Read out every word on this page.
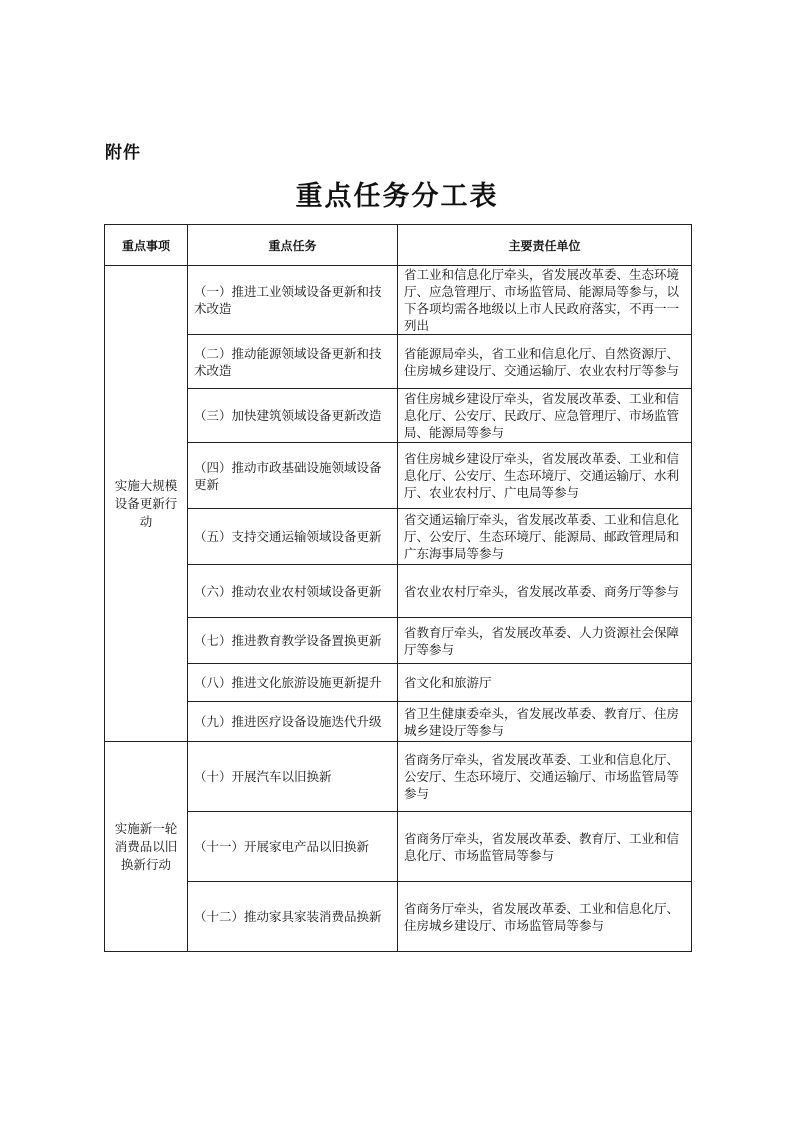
附件
重点任务分工表
重点事项	重点任务	主要责任单位
实施大规模设备更新行动	（一）推进工业领域设备更新和技术改造	省工业和信息化厅牵头，省发展改革委、生态环境厅、应急管理厅、市场监管局、能源局等参与，以下各项均需各地级以上市人民政府落实，不再一一列出
	（二）推动能源领域设备更新和技术改造	省能源局牵头，省工业和信息化厅、自然资源厅、住房城乡建设厅、交通运输厅、农业农村厅等参与
	（三）加快建筑领域设备更新改造	省住房城乡建设厅牵头，省发展改革委、工业和信息化厅、公安厅、民政厅、应急管理厅、市场监管局、能源局等参与
	（四）推动市政基础设施领域设备更新	省住房城乡建设厅牵头，省发展改革委、工业和信息化厅、公安厅、生态环境厅、交通运输厅、水利厅、农业农村厅、广电局等参与
	（五）支持交通运输领域设备更新	省交通运输厅牵头，省发展改革委、工业和信息化厅、公安厅、生态环境厅、能源局、邮政管理局和广东海事局等参与
	（六）推动农业农村领域设备更新	省农业农村厅牵头，省发展改革委、商务厅等参与
	（七）推进教育教学设备置换更新	省教育厅牵头，省发展改革委、人力资源社会保障厅等参与
	（八）推进文化旅游设施更新提升	省文化和旅游厅
	（九）推进医疗设备设施迭代升级	省卫生健康委牵头，省发展改革委、教育厅、住房城乡建设厅等参与
实施新一轮消费品以旧换新行动	（十）开展汽车以旧换新	省商务厅牵头，省发展改革委、工业和信息化厅、公安厅、生态环境厅、交通运输厅、市场监管局等参与
	（十一）开展家电产品以旧换新	省商务厅牵头，省发展改革委、教育厅、工业和信息化厅、市场监管局等参与
	（十二）推动家具家装消费品换新	省商务厅牵头，省发展改革委、工业和信息化厅、住房城乡建设厅、市场监管局等参与
